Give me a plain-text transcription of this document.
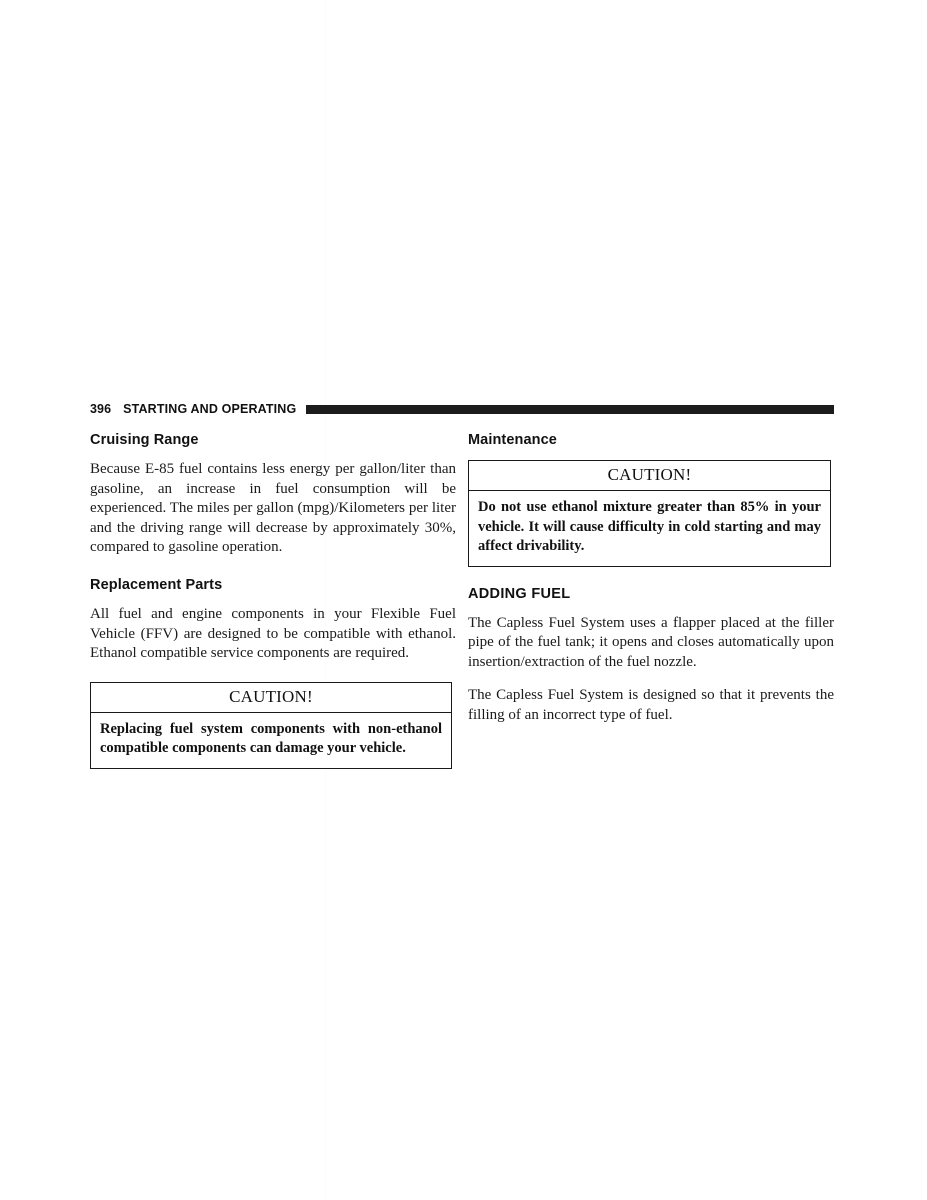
396 STARTING AND OPERATING
Cruising Range

Because E-85 fuel contains less energy per gallon/liter than gasoline, an increase in fuel consumption will be experienced. The miles per gallon (mpg)/Kilometers per liter and the driving range will decrease by approximately 30%, compared to gasoline operation.

Replacement Parts

All fuel and engine components in your Flexible Fuel Vehicle (FFV) are designed to be compatible with ethanol. Ethanol compatible service components are required.

CAUTION!

Replacing fuel system components with non-ethanol compatible components can damage your vehicle.

Maintenance
CAUTION!

Do not use ethanol mixture greater than 85% in your vehicle. It will cause difficulty in cold starting and may affect drivability.

ADDING FUEL

The Capless Fuel System uses a flapper placed at the filler pipe of the fuel tank; it opens and closes automatically upon insertion/extraction of the fuel nozzle.

The Capless Fuel System is designed so that it prevents the filling of an incorrect type of fuel.
